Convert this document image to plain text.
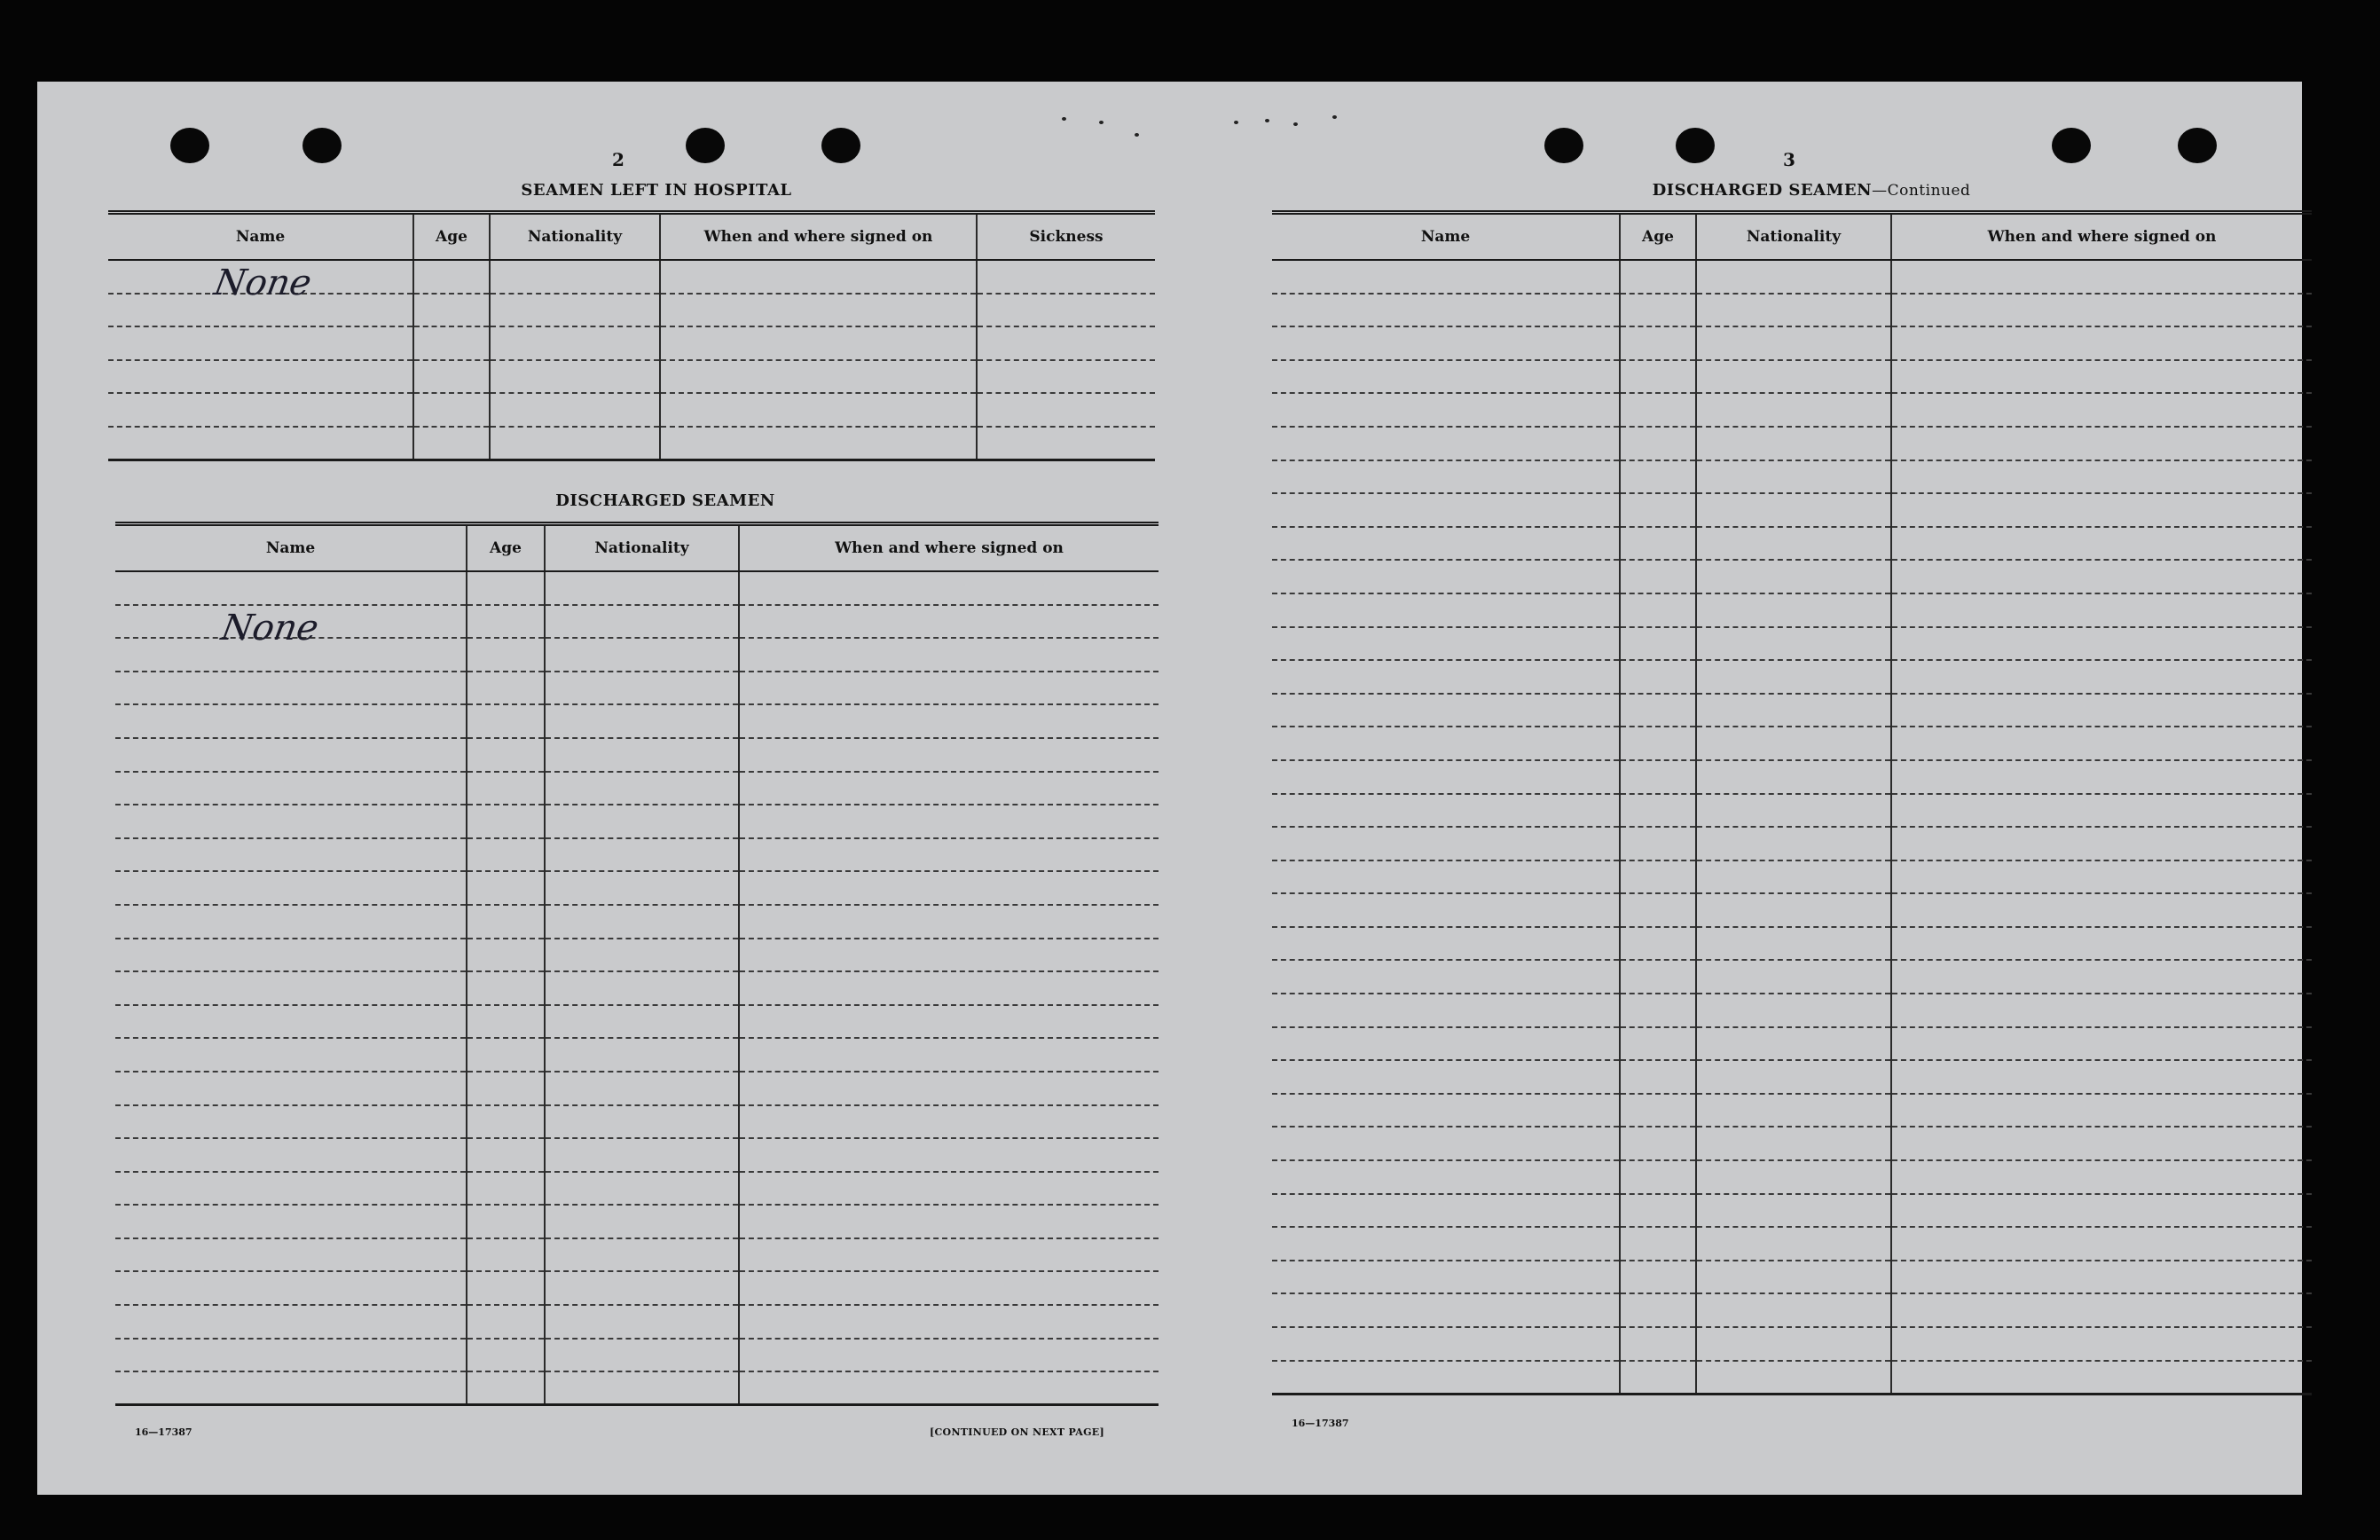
2
SEAMEN LEFT IN HOSPITAL
Name	Age	Nationality	When and where signed on	Sickness

None				

DISCHARGED SEAMEN
Name	Age	Nationality	When and where signed on

None			

16—17387	[CONTINUED ON NEXT PAGE]
3
DISCHARGED SEAMEN—Continued
Name	Age	Nationality	When and where signed on

16—17387
